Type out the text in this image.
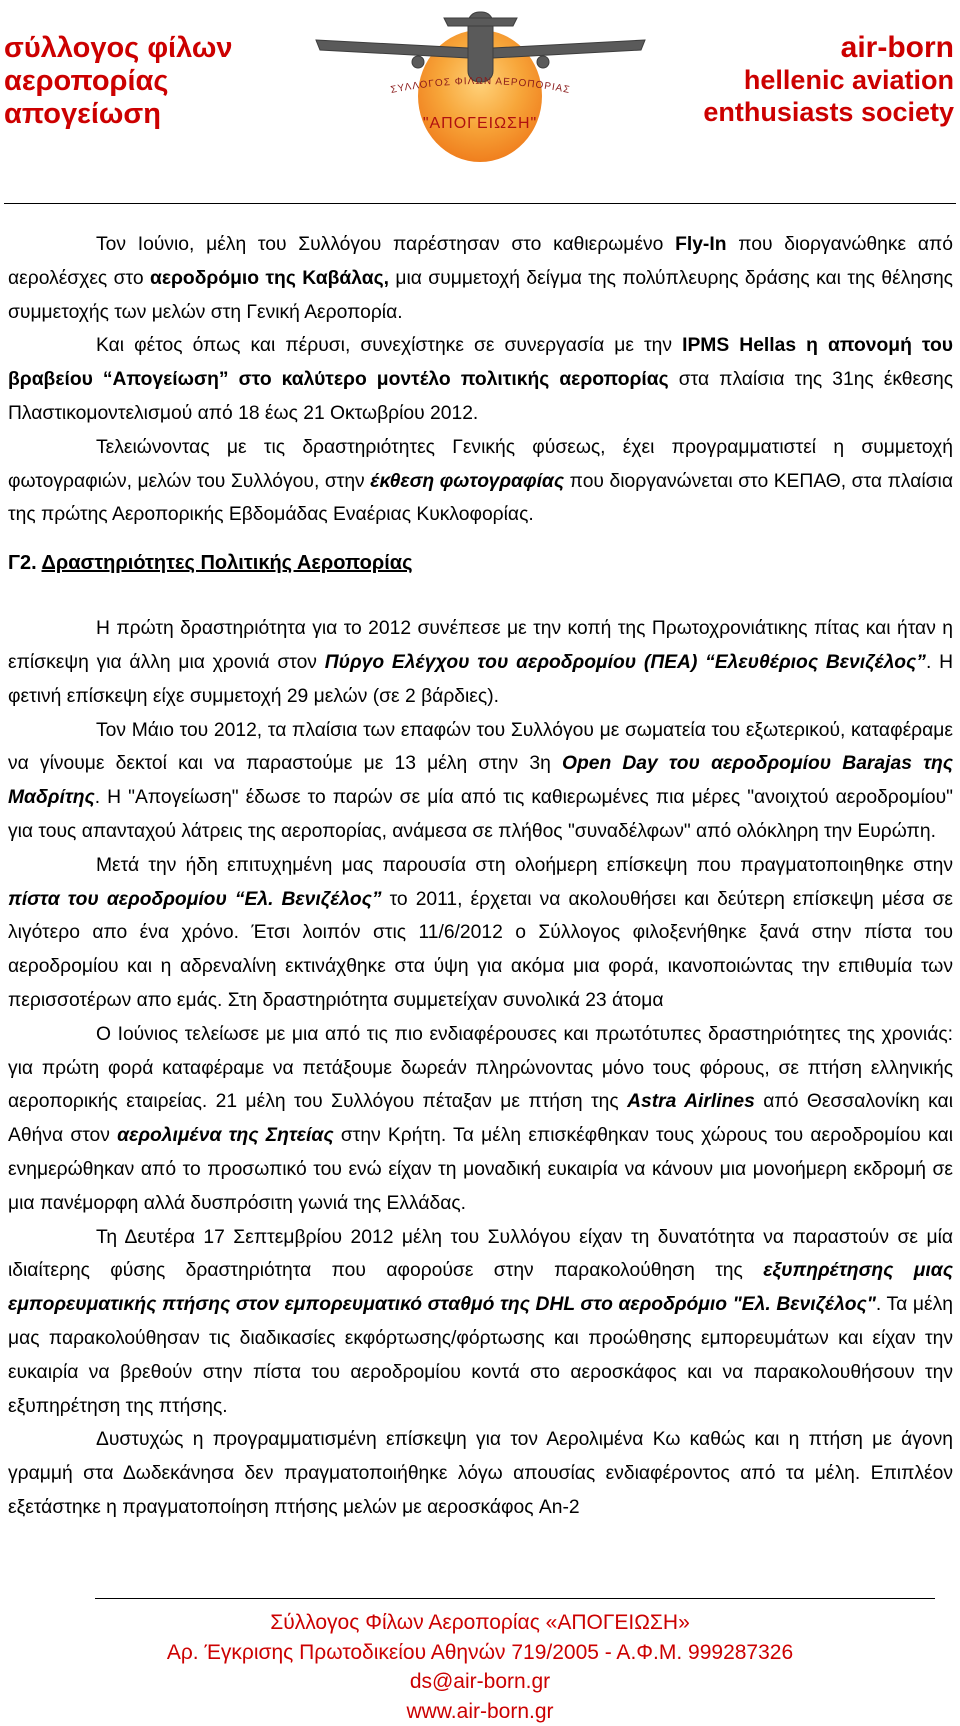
σύλλογος φίλων
αεροπορίας
απογείωση
ΣΥΛΛΟΓΟΣ ΦΙΛΩΝ ΑΕΡΟΠΟΡΙΑΣ
"ΑΠΟΓΕΙΩΣΗ"
air-born
hellenic aviation
enthusiasts society

Τον Ιούνιο, μέλη του Συλλόγου παρέστησαν στο καθιερωμένο Fly-In που διοργανώθηκε από αερολέσχες στο αεροδρόμιο της Καβάλας, μια συμμετοχή δείγμα της πολύπλευρης δράσης και της θέλησης συμμετοχής των μελών στη Γενική Αεροπορία.

Και φέτος όπως και πέρυσι, συνεχίστηκε σε συνεργασία με την IPMS Hellas η απονομή του βραβείου “Απογείωση” στο καλύτερο μοντέλο πολιτικής αεροπορίας στα πλαίσια της 31ης έκθεσης Πλαστικομοντελισμού από 18 έως 21 Οκτωβρίου 2012.

Τελειώνοντας με τις δραστηριότητες Γενικής φύσεως, έχει προγραμματιστεί η συμμετοχή φωτογραφιών, μελών του Συλλόγου, στην έκθεση φωτογραφίας που διοργανώνεται στο ΚΕΠΑΘ, στα πλαίσια της πρώτης Αεροπορικής Εβδομάδας Εναέριας Κυκλοφορίας.

Γ2. Δραστηριότητες Πολιτικής Αεροπορίας

Η πρώτη δραστηριότητα για το 2012 συνέπεσε με την κοπή της Πρωτοχρονιάτικης πίτας και ήταν η επίσκεψη για άλλη μια χρονιά στον Πύργο Ελέγχου του αεροδρομίου (ΠΕΑ) “Ελευθέριος Βενιζέλος”. Η φετινή επίσκεψη είχε συμμετοχή 29 μελών (σε 2 βάρδιες).

Τον Μάιο του 2012, τα πλαίσια των επαφών του Συλλόγου με σωματεία του εξωτερικού, καταφέραμε να γίνουμε δεκτοί και να παραστούμε με 13 μέλη στην 3η Open Day του αεροδρομίου Barajas της Μαδρίτης. Η "Απογείωση" έδωσε το παρών σε μία από τις καθιερωμένες πια μέρες "ανοιχτού αεροδρομίου" για τους απανταχού λάτρεις της αεροπορίας, ανάμεσα σε πλήθος "συναδέλφων" από ολόκληρη την Ευρώπη.

Μετά την ήδη επιτυχημένη μας παρουσία στη ολοήμερη επίσκεψη που πραγματοποιηθηκε στην πίστα του αεροδρομίου “Ελ. Βενιζέλος” το 2011, έρχεται να ακολουθήσει και δεύτερη επίσκεψη μέσα σε λιγότερο απο ένα χρόνο. Έτσι λοιπόν στις 11/6/2012 ο Σύλλογος φιλοξενήθηκε ξανά στην πίστα του αεροδρομίου και η αδρεναλίνη εκτινάχθηκε στα ύψη για ακόμα μια φορά, ικανοποιώντας την επιθυμία των περισσοτέρων απο εμάς. Στη δραστηριότητα συμμετείχαν συνολικά 23 άτομα

Ο Ιούνιος τελείωσε με μια από τις πιο ενδιαφέρουσες και πρωτότυπες δραστηριότητες της χρονιάς: για πρώτη φορά καταφέραμε να πετάξουμε δωρεάν πληρώνοντας μόνο τους φόρους, σε πτήση ελληνικής αεροπορικής εταιρείας. 21 μέλη του Συλλόγου πέταξαν με πτήση της Astra Airlines από Θεσσαλονίκη και Αθήνα στον αερολιμένα της Σητείας στην Κρήτη. Τα μέλη επισκέφθηκαν τους χώρους του αεροδρομίου και ενημερώθηκαν από το προσωπικό του ενώ είχαν τη μοναδική ευκαιρία να κάνουν μια μονοήμερη εκδρομή σε μια πανέμορφη αλλά δυσπρόσιτη γωνιά της Ελλάδας.

Τη Δευτέρα 17 Σεπτεμβρίου 2012 μέλη του Συλλόγου είχαν τη δυνατότητα να παραστούν σε μία ιδιαίτερης φύσης δραστηριότητα που αφορούσε στην παρακολούθηση της εξυπηρέτησης μιας εμπορευματικής πτήσης στον εμπορευματικό σταθμό της DHL στο αεροδρόμιο "Ελ. Βενιζέλος". Τα μέλη μας παρακολούθησαν τις διαδικασίες εκφόρτωσης/φόρτωσης και προώθησης εμπορευμάτων και είχαν την ευκαιρία να βρεθούν στην πίστα του αεροδρομίου κοντά στο αεροσκάφος και να παρακολουθήσουν την εξυπηρέτηση της πτήσης.

Δυστυχώς η προγραμματισμένη επίσκεψη για τον Αερολιμένα Κω καθώς και η πτήση με άγονη γραμμή στα Δωδεκάνησα δεν πραγματοποιήθηκε λόγω απουσίας ενδιαφέροντος από τα μέλη. Επιπλέον εξετάστηκε η πραγματοποίηση πτήσης μελών με αεροσκάφος An-2

Σύλλογος Φίλων Αεροπορίας «ΑΠΟΓΕΙΩΣΗ»
Αρ. Έγκρισης Πρωτοδικείου Αθηνών 719/2005 - Α.Φ.Μ. 999287326
ds@air-born.gr
www.air-born.gr
